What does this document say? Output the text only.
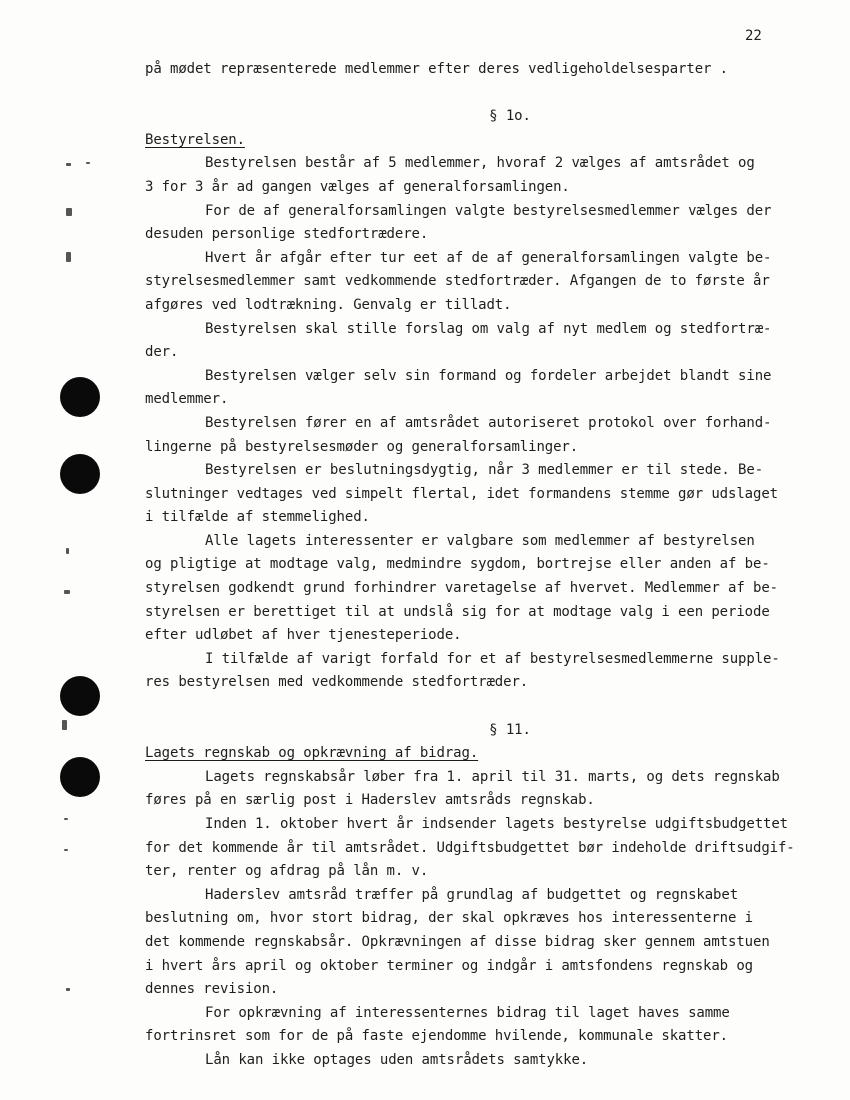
22
på mødet repræsenterede medlemmer efter deres vedligeholdelsesparter .
§ 1o.
Bestyrelsen.
Bestyrelsen består af 5 medlemmer, hvoraf 2 vælges af amtsrådet og
3 for 3 år ad gangen vælges af generalforsamlingen.
For de af generalforsamlingen valgte bestyrelsesmedlemmer vælges der
desuden personlige stedfortrædere.
Hvert år afgår efter tur eet af de af generalforsamlingen valgte be-
styrelsesmedlemmer samt vedkommende stedfortræder. Afgangen de to første år
afgøres ved lodtrækning. Genvalg er tilladt.
Bestyrelsen skal stille forslag om valg af nyt medlem og stedfortræ-
der.
Bestyrelsen vælger selv sin formand og fordeler arbejdet blandt sine
medlemmer.
Bestyrelsen fører en af amtsrådet autoriseret protokol over forhand-
lingerne på bestyrelsesmøder og generalforsamlinger.
Bestyrelsen er beslutningsdygtig, når 3 medlemmer er til stede. Be-
slutninger vedtages ved simpelt flertal, idet formandens stemme gør udslaget
i tilfælde af stemmelighed.
Alle lagets interessenter er valgbare som medlemmer af bestyrelsen
og pligtige at modtage valg, medmindre sygdom, bortrejse eller anden af be-
styrelsen godkendt grund forhindrer varetagelse af hvervet. Medlemmer af be-
styrelsen er berettiget til at undslå sig for at modtage valg i een periode
efter udløbet af hver tjenesteperiode.
I tilfælde af varigt forfald for et af bestyrelsesmedlemmerne supple-
res bestyrelsen med vedkommende stedfortræder.
§ 11.
Lagets regnskab og opkrævning af bidrag.
Lagets regnskabsår løber fra 1. april til 31. marts, og dets regnskab
føres på en særlig post i Haderslev amtsråds regnskab.
Inden 1. oktober hvert år indsender lagets bestyrelse udgiftsbudgettet
for det kommende år til amtsrådet. Udgiftsbudgettet bør indeholde driftsudgif-
ter, renter og afdrag på lån m. v.
Haderslev amtsråd træffer på grundlag af budgettet og regnskabet
beslutning om, hvor stort bidrag, der skal opkræves hos interessenterne i
det kommende regnskabsår. Opkrævningen af disse bidrag sker gennem amtstuen
i hvert års april og oktober terminer og indgår i amtsfondens regnskab og
dennes revision.
For opkrævning af interessenternes bidrag til laget haves samme
fortrinsret som for de på faste ejendomme hvilende, kommunale skatter.
Lån kan ikke optages uden amtsrådets samtykke.
